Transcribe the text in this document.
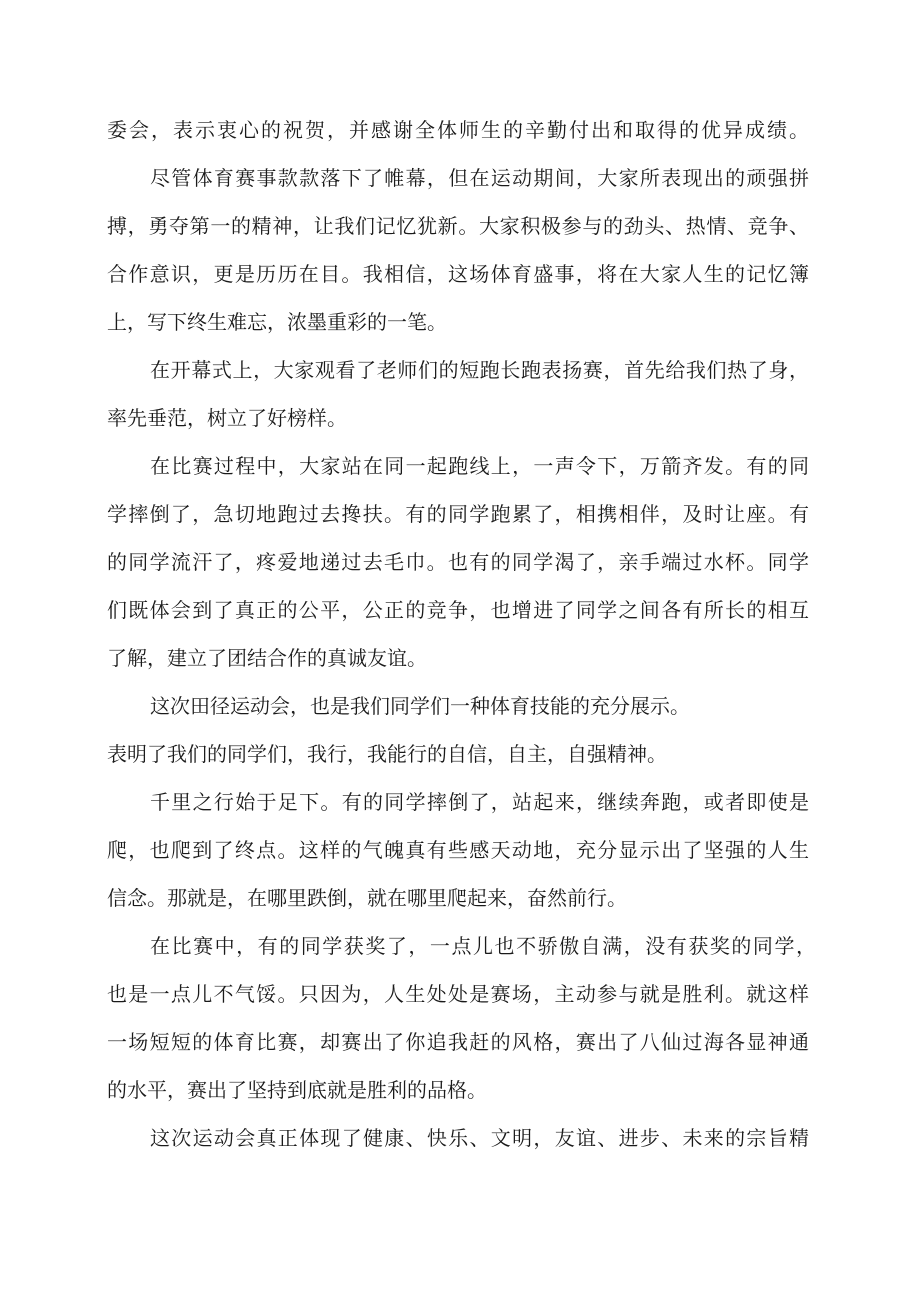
委会，表示衷心的祝贺，并感谢全体师生的辛勤付出和取得的优异成绩。
尽管体育赛事款款落下了帷幕，但在运动期间，大家所表现出的顽强拼
搏，勇夺第一的精神，让我们记忆犹新。大家积极参与的劲头、热情、竞争、
合作意识，更是历历在目。我相信，这场体育盛事，将在大家人生的记忆簿
上，写下终生难忘，浓墨重彩的一笔。
在开幕式上，大家观看了老师们的短跑长跑表扬赛，首先给我们热了身，
率先垂范，树立了好榜样。
在比赛过程中，大家站在同一起跑线上，一声令下，万箭齐发。有的同
学摔倒了，急切地跑过去搀扶。有的同学跑累了，相携相伴，及时让座。有
的同学流汗了，疼爱地递过去毛巾。也有的同学渴了，亲手端过水杯。同学
们既体会到了真正的公平，公正的竞争，也增进了同学之间各有所长的相互
了解，建立了团结合作的真诚友谊。
这次田径运动会，也是我们同学们一种体育技能的充分展示。
表明了我们的同学们，我行，我能行的自信，自主，自强精神。
千里之行始于足下。有的同学摔倒了，站起来，继续奔跑，或者即使是
爬，也爬到了终点。这样的气魄真有些感天动地，充分显示出了坚强的人生
信念。那就是，在哪里跌倒，就在哪里爬起来，奋然前行。
在比赛中，有的同学获奖了，一点儿也不骄傲自满，没有获奖的同学，
也是一点儿不气馁。只因为，人生处处是赛场，主动参与就是胜利。就这样
一场短短的体育比赛，却赛出了你追我赶的风格，赛出了八仙过海各显神通
的水平，赛出了坚持到底就是胜利的品格。
这次运动会真正体现了健康、快乐、文明，友谊、进步、未来的宗旨精
